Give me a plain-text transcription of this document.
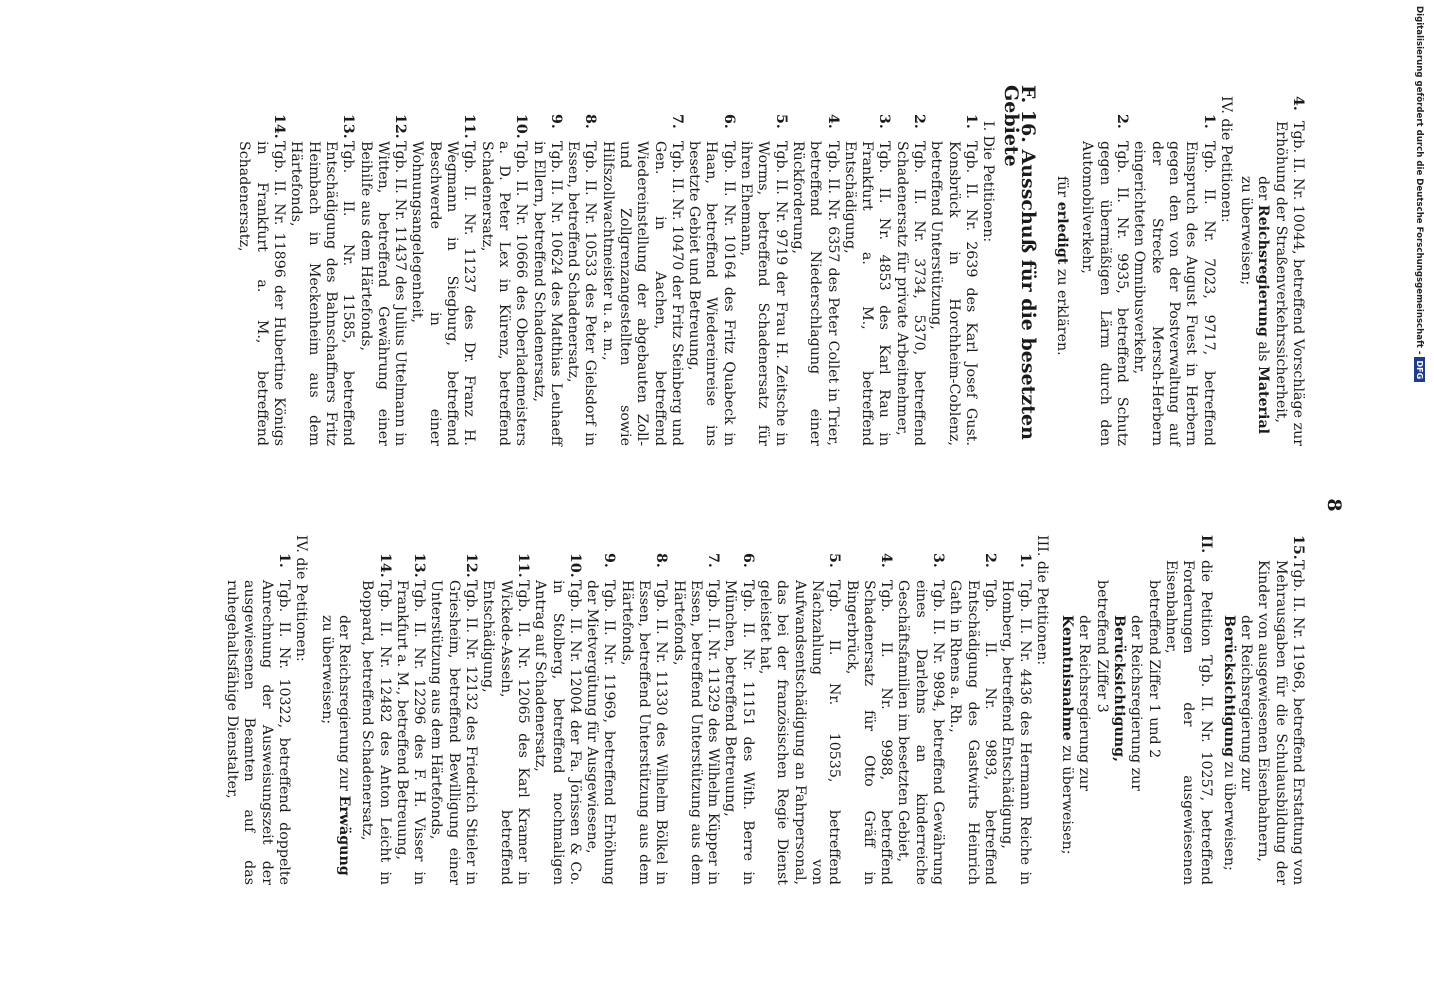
8
4.
Tgb. II. Nr. 10044, betreffend Vorschläge zur Erhöhung der Straßenverkehrssicherheit,
der Reichsregierung als Material zu überweisen;
IV. die Petitionen:
1.
Tgb. II. Nr. 7023, 9717, betreffend Einspruch des August Fuest in Herbern gegen den von der Postverwaltung auf der Strecke Mersch-Herbern eingerichteten Omnibusverkehr,
2.
Tgb. II. Nr. 9935, betreffend Schutz gegen übermäßigen Lärm durch den Automobilverkehr,
für erledigt zu erklären.
F. 16. Ausschuß für die besetzten Gebiete
I. Die Petitionen:
1.
Tgb. II. Nr. 2639 des Karl Josef Gust. Konsbrück in Horchheim-Coblenz, betreffend Unterstützung,
2.
Tgb. II. Nr. 3734, 5370, betreffend Schadenersatz für private Arbeitnehmer,
3.
Tgb. II. Nr. 4853 des Karl Rau in Frankfurt a. M., betreffend Entschädigung,
4.
Tgb. II. Nr. 6357 des Peter Collet in Trier, betreffend Niederschlagung einer Rückforderung,
5.
Tgb. II. Nr. 9719 der Frau H. Zeitsche in Worms, betreffend Schadenersatz für ihren Ehemann,
6.
Tgb. II. Nr. 10164 des Fritz Quabeck in Haan, betreffend Wiedereinreise ins besetzte Gebiet und Betreuung,
7.
Tgb. II. Nr. 10470 der Fritz Steinberg und Gen. in Aachen, betreffend Wiedereinstellung der abgebauten Zoll- und Zollgrenzangestellten sowie Hilfszollwachtmeister u. a. m.,
8.
Tgb. II. Nr. 10533 des Peter Gielsdorf in Essen, betreffend Schadenersatz,
9.
Tgb. II. Nr. 10624 des Matthias Leuhaeff in Ellern, betreffend Schadenersatz,
10.
Tgb. II. Nr. 10666 des Oberlademeisters a. D. Peter Lex in Kürenz, betreffend Schadenersatz,
11.
Tgb. II. Nr. 11237 des Dr. Franz H. Wegmann in Siegburg, betreffend Beschwerde in einer Wohnungsangelegenheit,
12.
Tgb. II. Nr. 11437 des Julius Uttelmann in Witten, betreffend Gewährung einer Beihilfe aus dem Härtefonds,
13.
Tgb. II. Nr. 11585, betreffend Entschädigung des Bahnschaffners Fritz Heimbach in Meckenheim aus dem Härtefonds,
14.
Tgb. II. Nr. 11896 der Hubertine Königs in Frankfurt a. M., betreffend Schadenersatz,
15.
Tgb. II. Nr. 11968, betreffend Erstattung von Mehrausgaben für die Schulausbildung der Kinder von ausgewiesenen Eisenbahnern,
der Reichsregierung zur Berücksichtigung zu überweisen;
II.
die Petition Tgb. II. Nr. 10257, betreffend Forderungen der ausgewiesenen Eisenbahner,
betreffend Ziffer 1 und 2
der Reichsregierung zur Berücksichtigung,
betreffend Ziffer 3
der Reichsregierung zur Kenntnisnahme zu überweisen;
III. die Petitionen:
1.
Tgb. II. Nr. 4436 des Hermann Reiche in Homberg, betreffend Entschädigung,
2.
Tgb. II. Nr. 9893, betreffend Entschädigung des Gastwirts Heinrich Gath in Rhens a. Rh.,
3.
Tgb. II. Nr. 9894, betreffend Gewährung eines Darlehns an kinderreiche Geschäftsfamilien im besetzten Gebiet,
4.
Tgb. II. Nr. 9988, betreffend Schadenersatz für Otto Gräff in Bingerbrück,
5.
Tgb. II. Nr. 10535, betreffend Nachzahlung von Aufwandsentschädigung an Fahrpersonal, das bei der französischen Regie Dienst geleistet hat,
6.
Tgb. II. Nr. 11151 des With. Berre in München, betreffend Betreuung,
7.
Tgb. II. Nr. 11329 des Wilhelm Küpper in Essen, betreffend Unterstützung aus dem Härtefonds,
8.
Tgb. II. Nr. 11330 des Wilhelm Bölkel in Essen, betreffend Unterstützung aus dem Härtefonds,
9.
Tgb. II. Nr. 11969, betreffend Erhöhung der Mietvergütung für Ausgewiesene,
10.
Tgb. II. Nr. 12004 der Fa. Jörissen & Co. in Stolberg, betreffend nochmaligen Antrag auf Schadenersatz,
11.
Tgb. II. Nr. 12065 des Karl Kramer in Wickede-Asseln, betreffend Entschädigung,
12.
Tgb. II. Nr. 12132 des Friedrich Stieler in Griesheim, betreffend Bewilligung einer Unterstützung aus dem Härtefonds,
13.
Tgb. II. Nr. 12296 des F. H. Visser in Frankfurt a. M., betreffend Betreuung,
14.
Tgb. II. Nr. 12482 des Anton Leicht in Boppard, betreffend Schadenersatz,
der Reichsregierung zur Erwägung zu überweisen;
IV. die Petitionen:
1.
Tgb. II. Nr. 10322, betreffend doppelte Anrechnung der Ausweisungszeit der ausgewiesenen Beamten auf das ruhegehaltsfähige Dienstalter,
Digitalisierung gefördert durch die Deutsche Forschungsgemeinschaft -
DFG
